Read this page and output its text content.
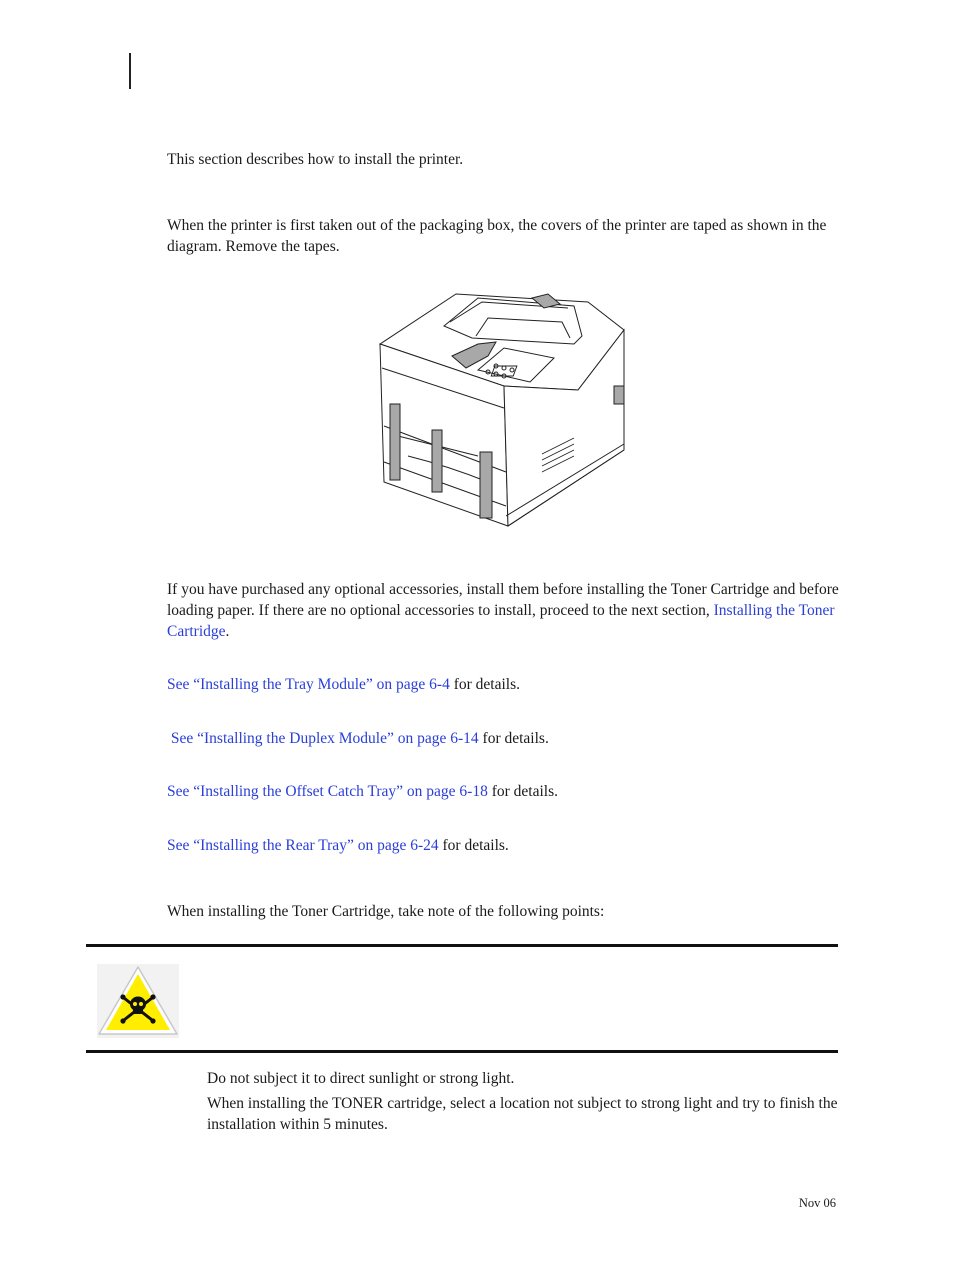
This section describes how to install the printer.

When the printer is first taken out of the packaging box, the covers of the printer are taped as shown in the diagram. Remove the tapes.

If you have purchased any optional accessories, install them before installing the Toner Cartridge and before loading paper. If there are no optional accessories to install, proceed to the next section, Installing the Toner Cartridge.

See “Installing the Tray Module” on page 6-4 for details.

See “Installing the Duplex Module” on page 6-14 for details.

See “Installing the Offset Catch Tray” on page 6-18 for details.

See “Installing the Rear Tray” on page 6-24 for details.

When installing the Toner Cartridge, take note of the following points:

Do not subject it to direct sunlight or strong light.

When installing the TONER cartridge, select a location not subject to strong light and try to finish the installation within 5 minutes.

Nov 06
